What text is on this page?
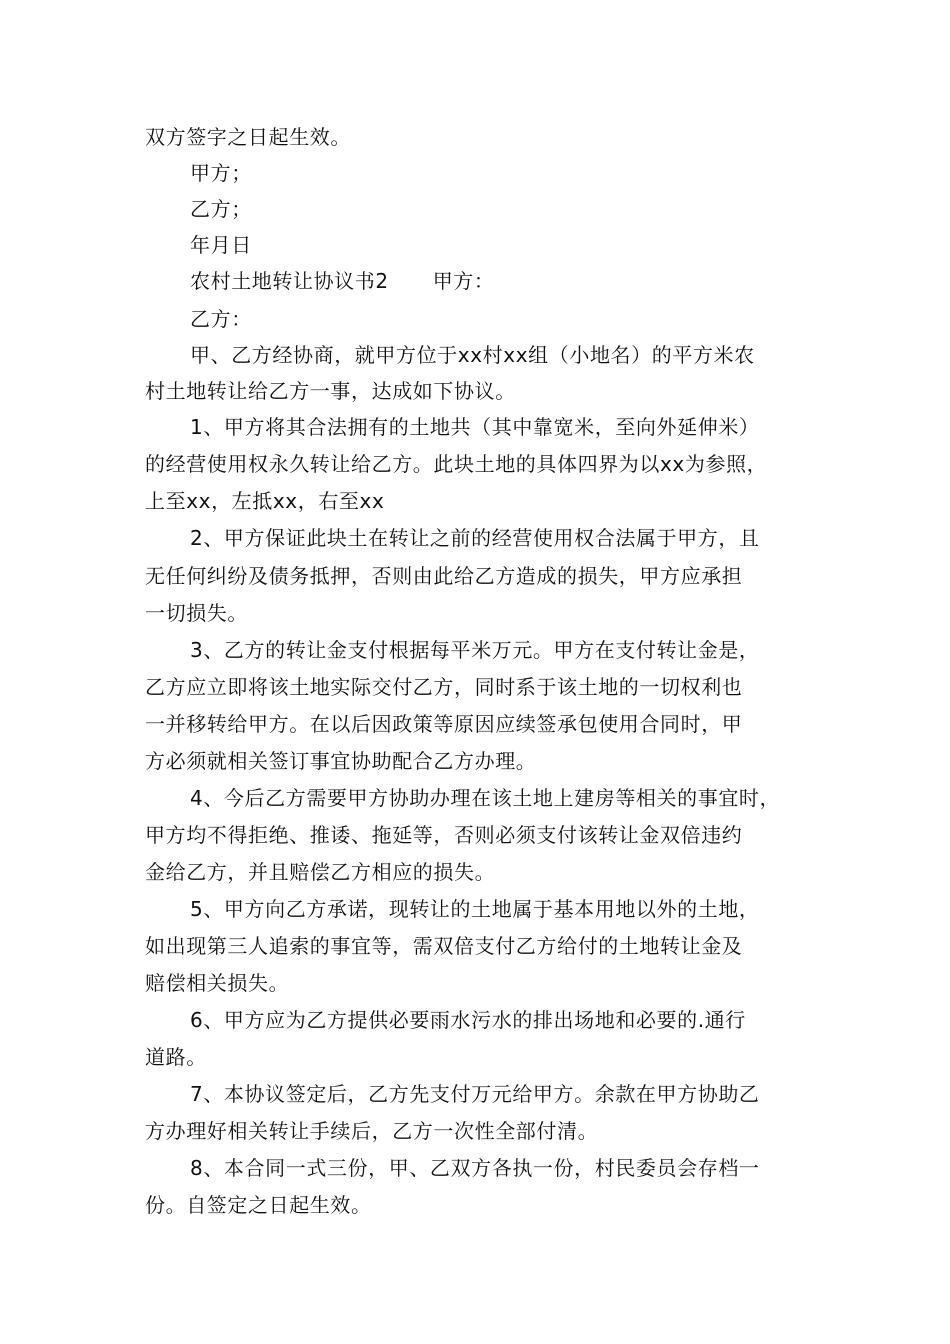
双方签字之日起生效。
甲方；
乙方；
年月日
农村土地转让协议书2 甲方：
乙方：
甲、乙方经协商，就甲方位于xx村xx组（小地名）的平方米农
村土地转让给乙方一事，达成如下协议。
1、甲方将其合法拥有的土地共（其中靠宽米，至向外延伸米）
的经营使用权永久转让给乙方。此块土地的具体四界为以xx为参照，
上至xx，左抵xx，右至xx
2、甲方保证此块土在转让之前的经营使用权合法属于甲方，且
无任何纠纷及债务抵押，否则由此给乙方造成的损失，甲方应承担
一切损失。
3、乙方的转让金支付根据每平米万元。甲方在支付转让金是，
乙方应立即将该土地实际交付乙方，同时系于该土地的一切权利也
一并移转给甲方。在以后因政策等原因应续签承包使用合同时，甲
方必须就相关签订事宜协助配合乙方办理。
4、今后乙方需要甲方协助办理在该土地上建房等相关的事宜时，
甲方均不得拒绝、推诿、拖延等，否则必须支付该转让金双倍违约
金给乙方，并且赔偿乙方相应的损失。
5、甲方向乙方承诺，现转让的土地属于基本用地以外的土地，
如出现第三人追索的事宜等，需双倍支付乙方给付的土地转让金及
赔偿相关损失。
6、甲方应为乙方提供必要雨水污水的排出场地和必要的.通行
道路。
7、本协议签定后，乙方先支付万元给甲方。余款在甲方协助乙
方办理好相关转让手续后，乙方一次性全部付清。
8、本合同一式三份，甲、乙双方各执一份，村民委员会存档一
份。自签定之日起生效。
